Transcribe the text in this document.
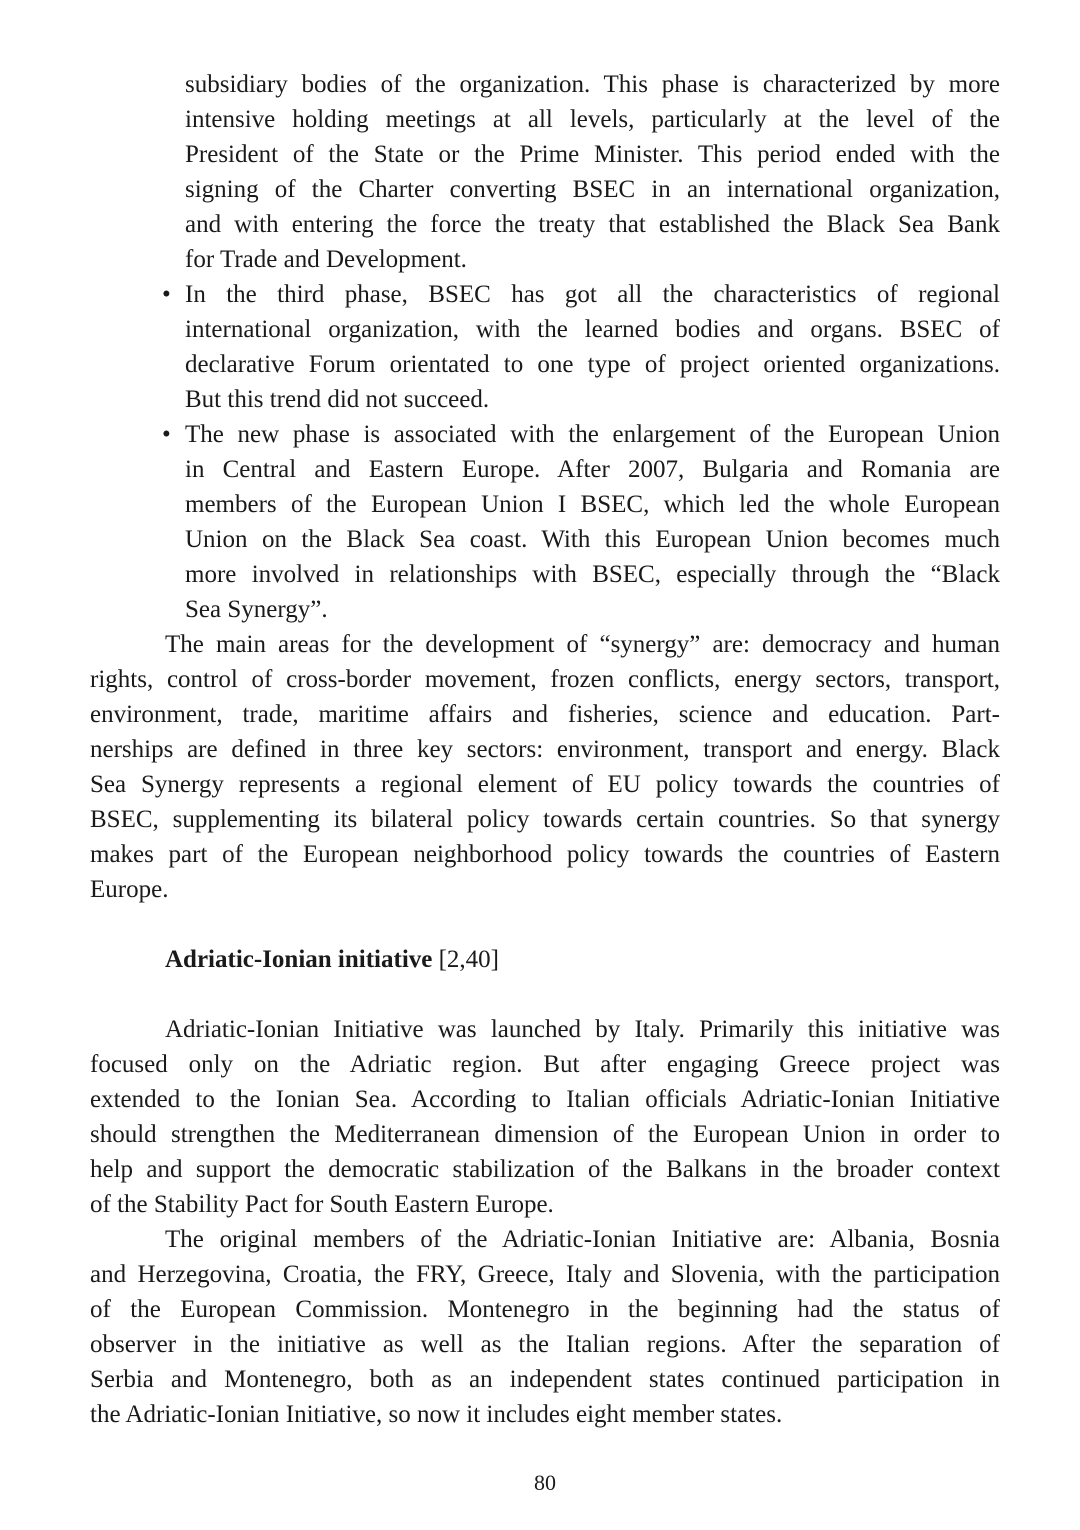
subsidiary bodies of the organization. This phase is characterized by more
intensive holding meetings at all levels, particularly at the level of the
President of the State or the Prime Minister. This period ended with the
signing of the Charter converting BSEC in an international organization,
and with entering the force the treaty that established the Black Sea Bank
for Trade and Development.
• In the third phase, BSEC has got all the characteristics of regional
international organization, with the learned bodies and organs. BSEC of
declarative Forum orientated to one type of project oriented organizations.
But this trend did not succeed.
• The new phase is associated with the enlargement of the European Union
in Central and Eastern Europe. After 2007, Bulgaria and Romania are
members of the European Union I BSEC, which led the whole European
Union on the Black Sea coast. With this European Union becomes much
more involved in relationships with BSEC, especially through the “Black
Sea Synergy”.
The main areas for the development of “synergy” are: democracy and human
rights, control of cross-border movement, frozen conflicts, energy sectors, transport,
environment, trade, maritime affairs and fisheries, science and education. Part-
nerships are defined in three key sectors: environment, transport and energy. Black
Sea Synergy represents a regional element of EU policy towards the countries of
BSEC, supplementing its bilateral policy towards certain countries. So that synergy
makes part of the European neighborhood policy towards the countries of Eastern
Europe.
Adriatic-Ionian initiative [2,40]
Adriatic-Ionian Initiative was launched by Italy. Primarily this initiative was
focused only on the Adriatic region. But after engaging Greece project was
extended to the Ionian Sea. According to Italian officials Adriatic-Ionian Initiative
should strengthen the Mediterranean dimension of the European Union in order to
help and support the democratic stabilization of the Balkans in the broader context
of the Stability Pact for South Eastern Europe.
The original members of the Adriatic-Ionian Initiative are: Albania, Bosnia
and Herzegovina, Croatia, the FRY, Greece, Italy and Slovenia, with the participation
of the European Commission. Montenegro in the beginning had the status of
observer in the initiative as well as the Italian regions. After the separation of
Serbia and Montenegro, both as an independent states continued participation in
the Adriatic-Ionian Initiative, so now it includes eight member states.
80
